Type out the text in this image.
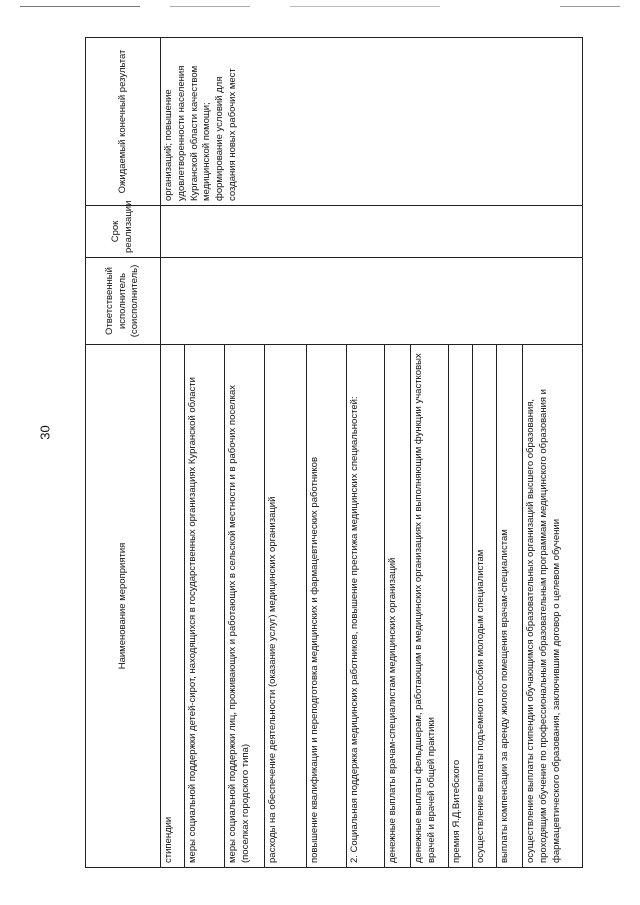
30
Наименование мероприятия	Ответственный исполнитель (соисполнитель)	Срок реализации	Ожидаемый конечный результат
стипендии			организаций; повышение удовлетворенности населения Курганской области качеством медицинской помощи; формирование условий для создания новых рабочих мест
меры социальной поддержки детей-сирот, находящихся в государственных организациях Курганской области			
меры социальной поддержки лиц, проживающих и работающих в сельской местности и в рабочих поселках (поселках городского типа)			
расходы на обеспечение деятельности (оказание услуг) медицинских организаций			
повышение квалификации и переподготовка медицинских и фармацевтических работников			
2. Социальная поддержка медицинских работников, повышение престижа медицинских специальностей:			
денежные выплаты врачам-специалистам медицинских организаций			
денежные выплаты фельдшерам, работающим в медицинских организациях и выполняющим функции участковых врачей и врачей общей практики			
премия Я.Д.Витебского			
осуществление выплаты подъемного пособия молодым специалистам			
выплаты компенсации за аренду жилого помещения врачам-специалистам			
осуществление выплаты стипендии обучающимся образовательных организаций высшего образования, проходящим обучение по профессиональным образовательным программам медицинского образования и фармацевтического образования, заключившим договор о целевом обучении			
